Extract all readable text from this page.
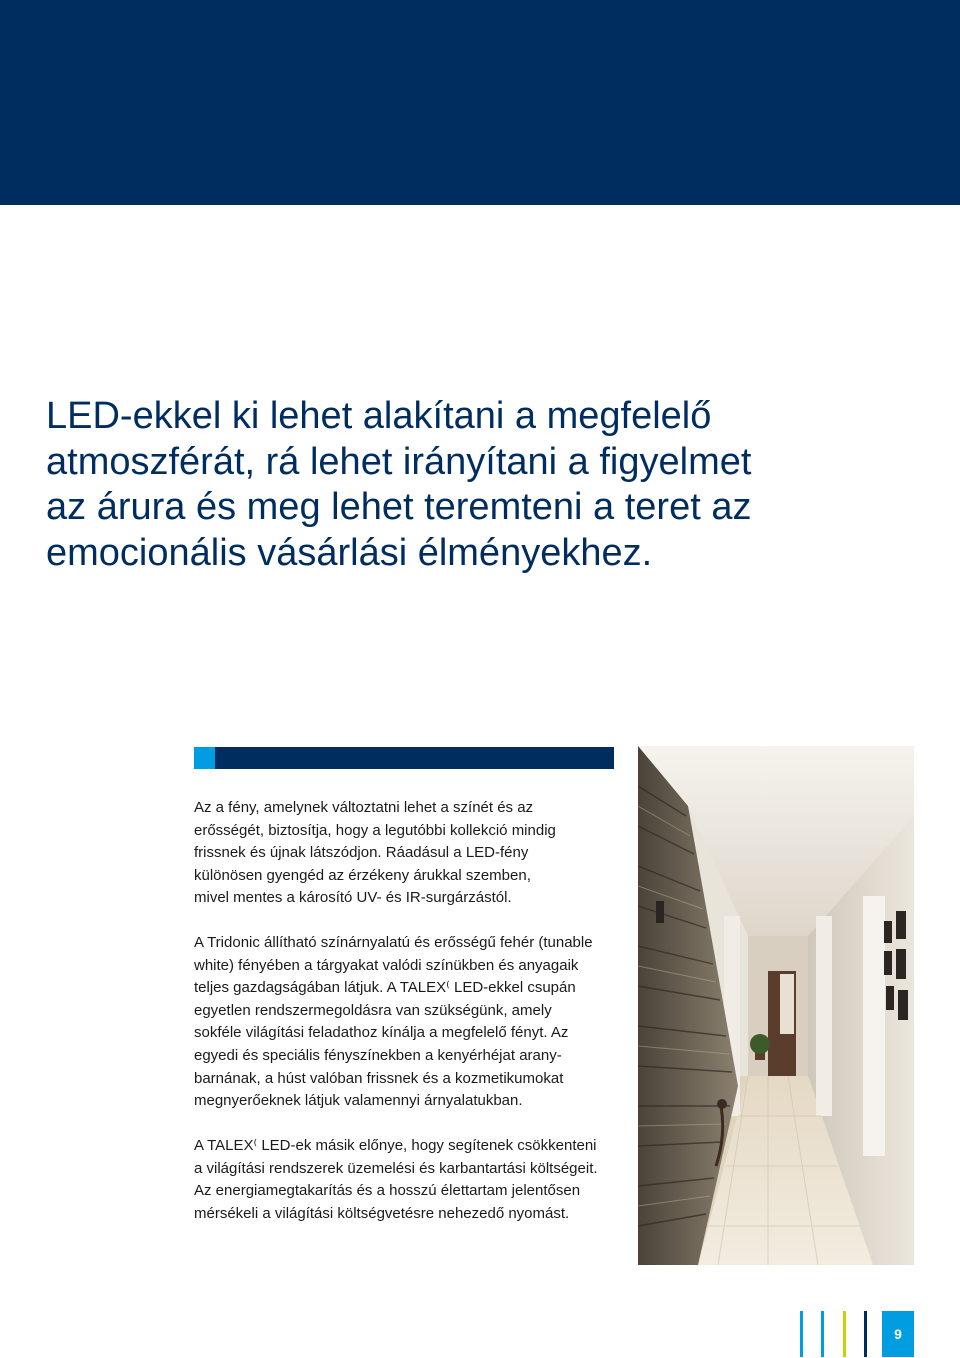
LED-ekkel ki lehet alakítani a megfelelő
atmoszférát, rá lehet irányítani a figyelmet
az árura és meg lehet teremteni a teret az
emocionális vásárlási élményekhez.

Az a fény, amelynek változtatni lehet a színét és az
erősségét, biztosítja, hogy a legutóbbi kollekció mindig
frissnek és újnak látszódjon. Ráadásul a LED-fény
különösen gyengéd az érzékeny árukkal szemben,
mivel mentes a károsító UV- és IR-surgárzástól.

A Tridonic állítható színárnyalatú és erősségű fehér (tunable
white) fényében a tárgyakat valódi színükben és anyagaik
teljes gazdagságában látjuk. A TALEX⁽ LED-ekkel csupán
egyetlen rendszermegoldásra van szükségünk, amely
sokféle világítási feladathoz kínálja a megfelelő fényt. Az
egyedi és speciális fényszínekben a kenyérhéjat arany-
barnának, a húst valóban frissnek és a kozmetikumokat
megnyerőeknek látjuk valamennyi árnyalatukban.

A TALEX⁽ LED-ek másik előnye, hogy segítenek csökkenteni
a világítási rendszerek üzemelési és karbantartási költségeit.
Az energiamegtakarítás és a hosszú élettartam jelentősen
mérsékeli a világítási költségvetésre nehezedő nyomást.

9
